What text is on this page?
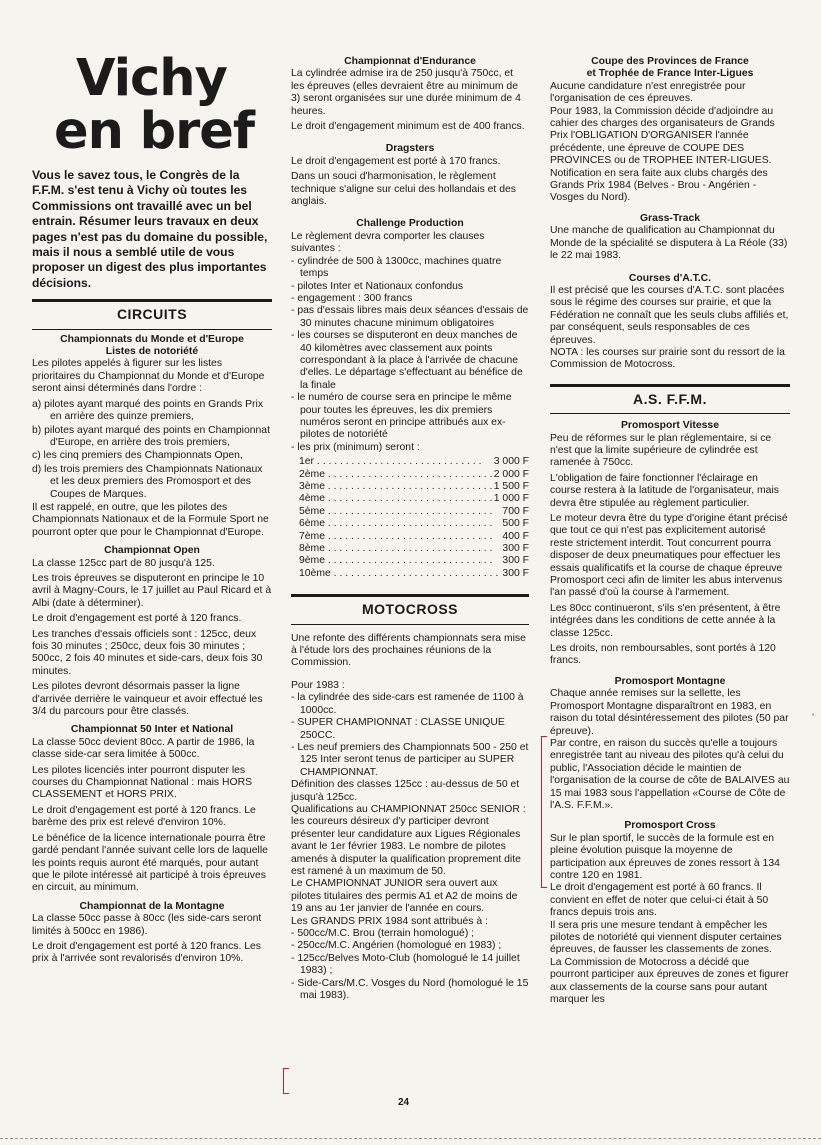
Vichy
en bref

Vous le savez tous, le Congrès de la F.F.M. s'est tenu à Vichy où toutes les Commissions ont travaillé avec un bel entrain. Résumer leurs travaux en deux pages n'est pas du domaine du possible, mais il nous a semblé utile de vous proposer un digest des plus importantes décisions.

CIRCUITS
Championnats du Monde et d'Europe
Listes de notoriété

Les pilotes appelés à figurer sur les listes prioritaires du Championnat du Monde et d'Europe seront ainsi déterminés dans l'ordre :

a) pilotes ayant marqué des points en Grands Prix en arrière des quinze premiers,

b) pilotes ayant marqué des points en Championnat d'Europe, en arrière des trois premiers,

c) les cinq premiers des Championnats Open,

d) les trois premiers des Championnats Nationaux et les deux premiers des Promosport et des Coupes de Marques.

Il est rappelé, en outre, que les pilotes des Championnats Nationaux et de la Formule Sport ne pourront opter que pour le Championnat d'Europe.

Championnat Open

La classe 125cc part de 80 jusqu'à 125.

Les trois épreuves se disputeront en principe le 10 avril à Magny-Cours, le 17 juillet au Paul Ricard et à Albi (date à déterminer).

Le droit d'engagement est porté à 120 francs.

Les tranches d'essais officiels sont : 125cc, deux fois 30 minutes ; 250cc, deux fois 30 minutes ; 500cc, 2 fois 40 minutes et side-cars, deux fois 30 minutes.

Les pilotes devront désormais passer la ligne d'arrivée derrière le vainqueur et avoir effectué les 3/4 du parcours pour être classés.

Championnat 50 Inter et National

La classe 50cc devient 80cc. A partir de 1986, la classe side-car sera limitée à 500cc.

Les pilotes licenciés inter pourront disputer les courses du Championnat National : mais HORS CLASSEMENT et HORS PRIX.

Le droit d'engagement est porté à 120 francs. Le barème des prix est relevé d'environ 10%.

Le bénéfice de la licence internationale pourra être gardé pendant l'année suivant celle lors de laquelle les points requis auront été marqués, pour autant que le pilote intéressé ait participé à trois épreuves en circuit, au minimum.

Championnat de la Montagne

La classe 50cc passe à 80cc (les side-cars seront limités à 500cc en 1986).

Le droit d'engagement est porté à 120 francs. Les prix à l'arrivée sont revalorisés d'environ 10%.

Championnat d'Endurance

La cylindrée admise ira de 250 jusqu'à 750cc, et les épreuves (elles devraient être au minimum de 3) seront organisées sur une durée minimum de 4 heures.

Le droit d'engagement minimum est de 400 francs.

Dragsters

Le droit d'engagement est porté à 170 francs.

Dans un souci d'harmonisation, le règlement technique s'aligne sur celui des hollandais et des anglais.

Challenge Production

Le règlement devra comporter les clauses suivantes :

- cylindrée de 500 à 1300cc, machines quatre temps

- pilotes Inter et Nationaux confondus

- engagement : 300 francs

- pas d'essais libres mais deux séances d'essais de 30 minutes chacune minimum obligatoires

- les courses se disputeront en deux manches de 40 kilomètres avec classement aux points correspondant à la place à l'arrivée de chacune d'elles. Le départage s'effectuant au bénéfice de la finale

- le numéro de course sera en principe le même pour toutes les épreuves, les dix premiers numéros seront en principe attribués aux ex-pilotes de notoriété

- les prix (minimum) seront :

1er . . . . . . . . . . . . . . . . . . . . . . . . . . . . .	3 000 F
2ème . . . . . . . . . . . . . . . . . . . . . . . . . . . . . 2 000 F
3ème . . . . . . . . . . . . . . . . . . . . . . . . . . . . . 1 500 F
4ème . . . . . . . . . . . . . . . . . . . . . . . . . . . . . 1 000 F
5ème . . . . . . . . . . . . . . . . . . . . . . . . . . . . . 700 F
6ème . . . . . . . . . . . . . . . . . . . . . . . . . . . . . 500 F
7ème . . . . . . . . . . . . . . . . . . . . . . . . . . . . . 400 F
8ème . . . . . . . . . . . . . . . . . . . . . . . . . . . . . 300 F
9ème . . . . . . . . . . . . . . . . . . . . . . . . . . . . . 300 F
10ème . . . . . . . . . . . . . . . . . . . . . . . . . . . . . 300 F
MOTOCROSS

Une refonte des différents championnats sera mise à l'étude lors des prochaines réunions de la Commission.

Pour 1983 :

- la cylindrée des side-cars est ramenée de 1100 à 1000cc.

- SUPER CHAMPIONNAT : CLASSE UNIQUE 250CC.

- Les neuf premiers des Championnats 500 - 250 et 125 Inter seront tenus de participer au SUPER CHAMPIONNAT.

Définition des classes 125cc : au-dessus de 50 et jusqu'à 125cc.

Qualifications au CHAMPIONNAT 250cc SENIOR : les coureurs désireux d'y participer devront présenter leur candidature aux Ligues Régionales avant le 1er février 1983. Le nombre de pilotes amenés à disputer la qualification proprement dite est ramené à un maximum de 50.

Le CHAMPIONNAT JUNIOR sera ouvert aux pilotes titulaires des permis A1 et A2 de moins de 19 ans au 1er janvier de l'année en cours.

Les GRANDS PRIX 1984 sont attribués à :

- 500cc/M.C. Brou (terrain homologué) ;

- 250cc/M.C. Angérien (homologué en 1983) ;

- 125cc/Belves Moto-Club (homologué le 14 juillet 1983) ;

- Side-Cars/M.C. Vosges du Nord (homologué le 15 mai 1983).

Coupe des Provinces de France
et Trophée de France Inter-Ligues

Aucune candidature n'est enregistrée pour l'organisation de ces épreuves.

Pour 1983, la Commission décide d'adjoindre au cahier des charges des organisateurs de Grands Prix l'OBLIGATION D'ORGANISER l'année précédente, une épreuve de COUPE DES PROVINCES ou de TROPHEE INTER-LIGUES. Notification en sera faite aux clubs chargés des Grands Prix 1984 (Belves - Brou - Angérien - Vosges du Nord).

Grass-Track

Une manche de qualification au Championnat du Monde de la spécialité se disputera à La Réole (33) le 22 mai 1983.

Courses d'A.T.C.

Il est précisé que les courses d'A.T.C. sont placées sous le régime des courses sur prairie, et que la Fédération ne connaît que les seuls clubs affiliés et, par conséquent, seuls responsables de ces épreuves.

NOTA : les courses sur prairie sont du ressort de la Commission de Motocross.

A.S. F.F.M.
Promosport Vitesse

Peu de réformes sur le plan réglementaire, si ce n'est que la limite supérieure de cylindrée est ramenée à 750cc.

L'obligation de faire fonctionner l'éclairage en course restera à la latitude de l'organisateur, mais devra être stipulée au règlement particulier.

Le moteur devra être du type d'origine étant précisé que tout ce qui n'est pas explicitement autorisé reste strictement interdit. Tout concurrent pourra disposer de deux pneumatiques pour effectuer les essais qualificatifs et la course de chaque épreuve Promosport ceci afin de limiter les abus intervenus l'an passé d'où la course à l'armement.

Les 80cc continueront, s'ils s'en présentent, à être intégrées dans les conditions de cette année à la classe 125cc.

Les droits, non remboursables, sont portés à 120 francs.

Promosport Montagne

Chaque année remises sur la sellette, les Promosport Montagne disparaîtront en 1983, en raison du total désintéressement des pilotes (50 par épreuve).

Par contre, en raison du succès qu'elle a toujours enregistrée tant au niveau des pilotes qu'à celui du public, l'Association décide le maintien de l'organisation de la course de côte de BALAIVES au 15 mai 1983 sous l'appellation «Course de Côte de l'A.S. F.F.M.».

Promosport Cross

Sur le plan sportif, le succès de la formule est en pleine évolution puisque la moyenne de participation aux épreuves de zones ressort à 134 contre 120 en 1981.

Le droit d'engagement est porté à 60 francs. Il convient en effet de noter que celui-ci était à 50 francs depuis trois ans.

Il sera pris une mesure tendant à empêcher les pilotes de notoriété qui viennent disputer certaines épreuves, de fausser les classements de zones.

La Commission de Motocross a décidé que pourront participer aux épreuves de zones et figurer aux classements de la course sans pour autant marquer les

'
24
